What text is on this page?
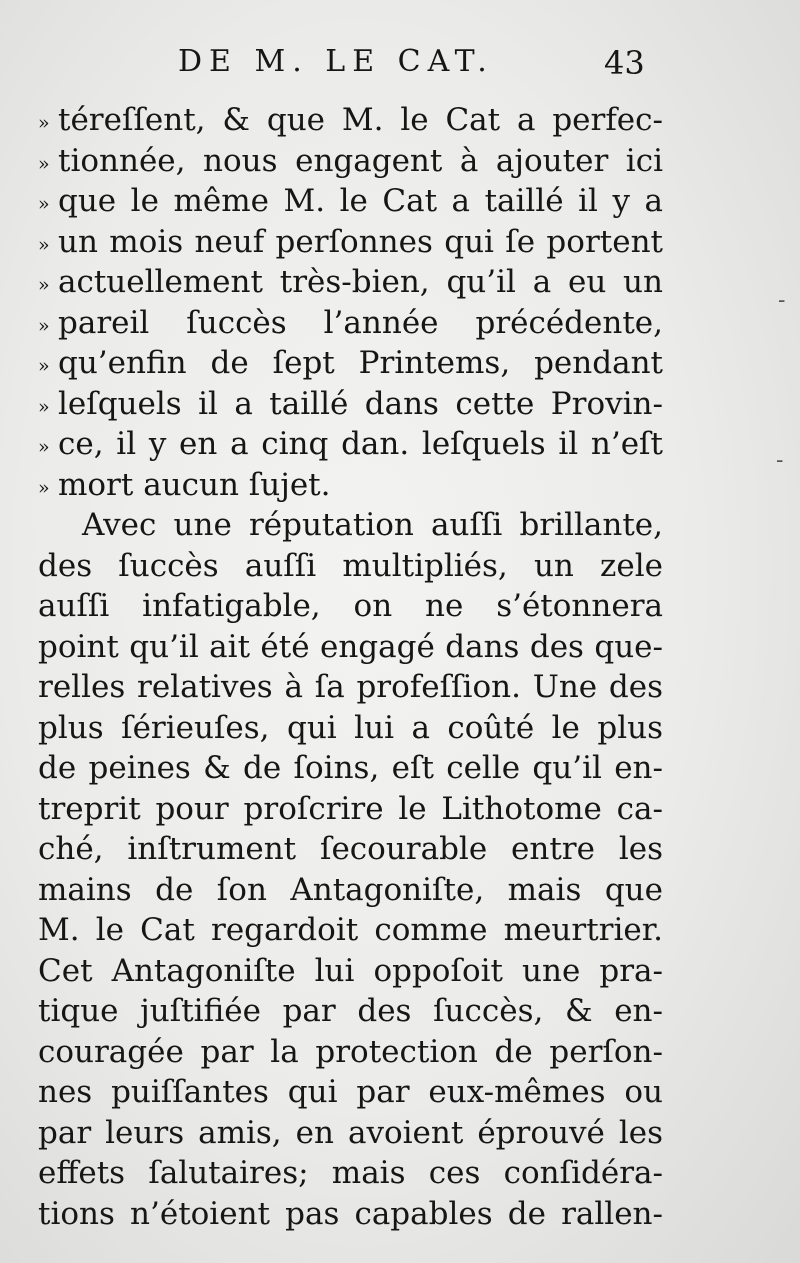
DE M. LE CAT.	43
» téreſſent, & que M. le Cat a perfec-
» tionnée, nous engagent à ajouter ici
» que le même M. le Cat a taillé il y a
» un mois neuf perſonnes qui ſe portent
» actuellement très-bien, qu’il a eu un
» pareil ſuccès l’année précédente,
» qu’enfin de ſept Printems, pendant
» leſquels il a taillé dans cette Provin-
» ce, il y en a cinq dan. leſquels il n’eſt
» mort aucun ſujet.
Avec une réputation auſſi brillante,
des ſuccès auſſi multipliés, un zele
auſſi infatigable, on ne s’étonnera
point qu’il ait été engagé dans des que-
relles relatives à ſa profeſſion. Une des
plus ſérieuſes, qui lui a coûté le plus
de peines & de ſoins, eſt celle qu’il en-
treprit pour proſcrire le Lithotome ca-
ché, inſtrument ſecourable entre les
mains de ſon Antagoniſte, mais que
M. le Cat regardoit comme meurtrier.
Cet Antagoniſte lui oppoſoit une pra-
tique juſtifiée par des ſuccès, & en-
couragée par la protection de perſon-
nes puiſſantes qui par eux-mêmes ou
par leurs amis, en avoient éprouvé les
effets ſalutaires; mais ces conſidéra-
tions n’étoient pas capables de rallen-
-
-
